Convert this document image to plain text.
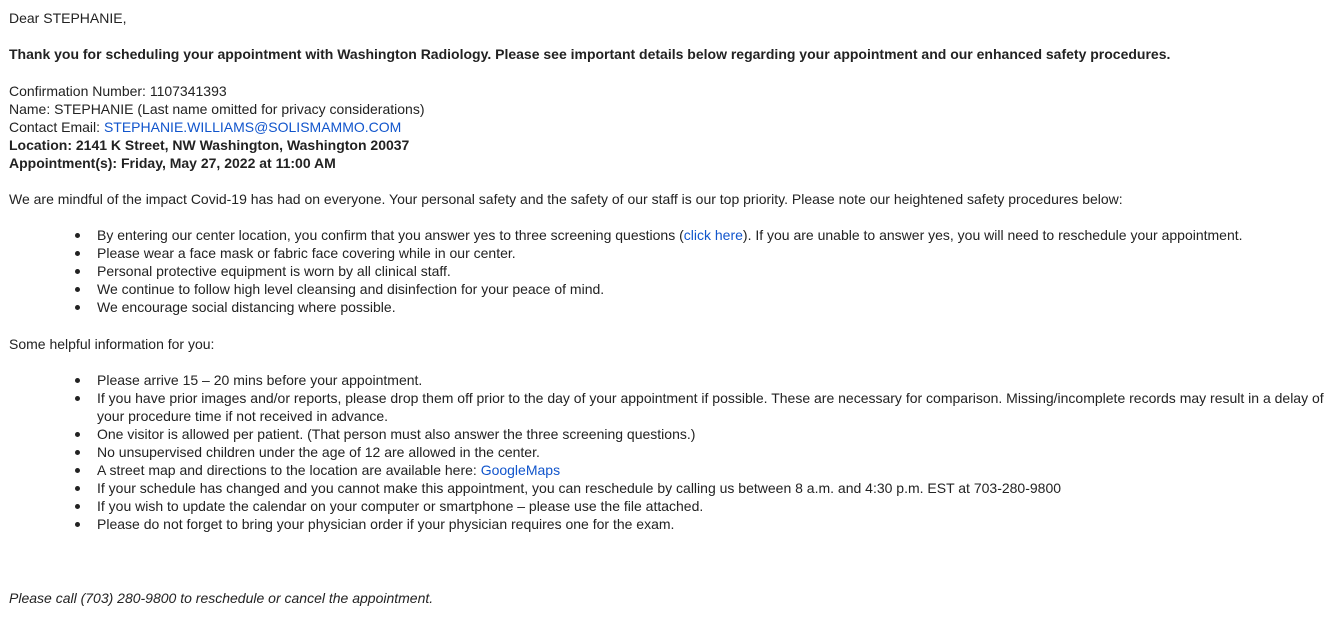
Dear STEPHANIE,

Thank you for scheduling your appointment with Washington Radiology. Please see important details below regarding your appointment and our enhanced safety procedures.

Confirmation Number: 1107341393

Name: STEPHANIE (Last name omitted for privacy considerations)

Contact Email: STEPHANIE.WILLIAMS@SOLISMAMMO.COM

Location: 2141 K Street, NW Washington, Washington 20037

Appointment(s): Friday, May 27, 2022 at 11:00 AM

We are mindful of the impact Covid-19 has had on everyone. Your personal safety and the safety of our staff is our top priority. Please note our heightened safety procedures below:

By entering our center location, you confirm that you answer yes to three screening questions (click here). If you are unable to answer yes, you will need to reschedule your appointment.
Please wear a face mask or fabric face covering while in our center.
Personal protective equipment is worn by all clinical staff.
We continue to follow high level cleansing and disinfection for your peace of mind.
We encourage social distancing where possible.

Some helpful information for you:

Please arrive 15 – 20 mins before your appointment.
If you have prior images and/or reports, please drop them off prior to the day of your appointment if possible. These are necessary for comparison. Missing/incomplete records may result in a delay of your procedure time if not received in advance.
One visitor is allowed per patient. (That person must also answer the three screening questions.)
No unsupervised children under the age of 12 are allowed in the center.
A street map and directions to the location are available here: GoogleMaps
If your schedule has changed and you cannot make this appointment, you can reschedule by calling us between 8 a.m. and 4:30 p.m. EST at 703-280-9800
If you wish to update the calendar on your computer or smartphone – please use the file attached.
Please do not forget to bring your physician order if your physician requires one for the exam.

Please call (703) 280-9800 to reschedule or cancel the appointment.
